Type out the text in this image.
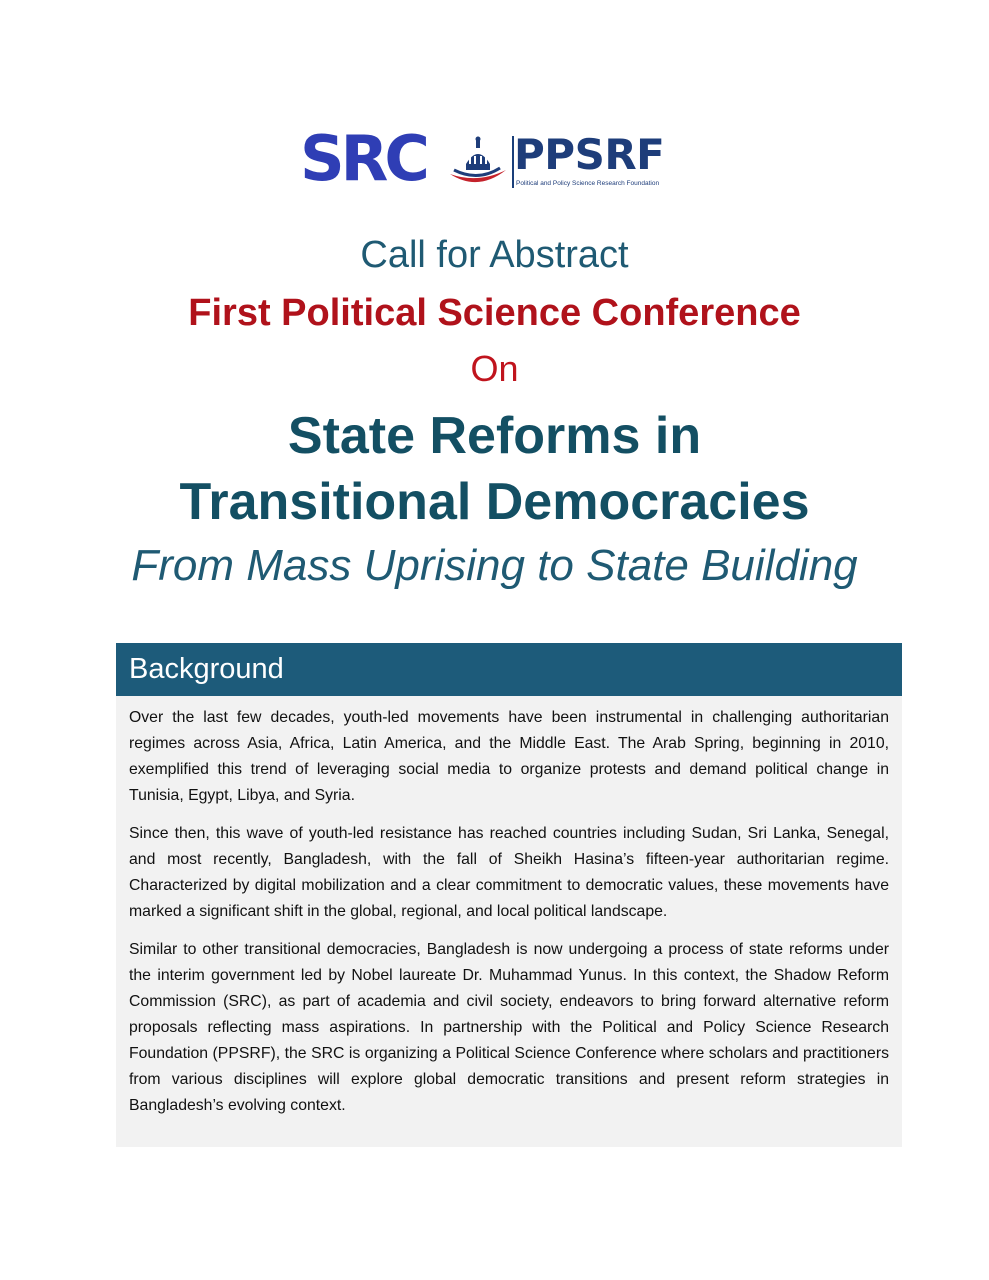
SRC PPSRF
Political and Policy Science Research Foundation
Call for Abstract
First Political Science Conference
On
State Reforms in
Transitional Democracies
From Mass Uprising to State Building
Background

Over the last few decades, youth-led movements have been instrumental in challenging authoritarian regimes across Asia, Africa, Latin America, and the Middle East. The Arab Spring, beginning in 2010, exemplified this trend of leveraging social media to organize protests and demand political change in Tunisia, Egypt, Libya, and Syria.

Since then, this wave of youth-led resistance has reached countries including Sudan, Sri Lanka, Senegal, and most recently, Bangladesh, with the fall of Sheikh Hasina’s fifteen-year authoritarian regime. Characterized by digital mobilization and a clear commitment to democratic values, these movements have marked a significant shift in the global, regional, and local political landscape.

Similar to other transitional democracies, Bangladesh is now undergoing a process of state reforms under the interim government led by Nobel laureate Dr. Muhammad Yunus. In this context, the Shadow Reform Commission (SRC), as part of academia and civil society, endeavors to bring forward alternative reform proposals reflecting mass aspirations. In partnership with the Political and Policy Science Research Foundation (PPSRF), the SRC is organizing a Political Science Conference where scholars and practitioners from various disciplines will explore global democratic transitions and present reform strategies in Bangladesh’s evolving context.
